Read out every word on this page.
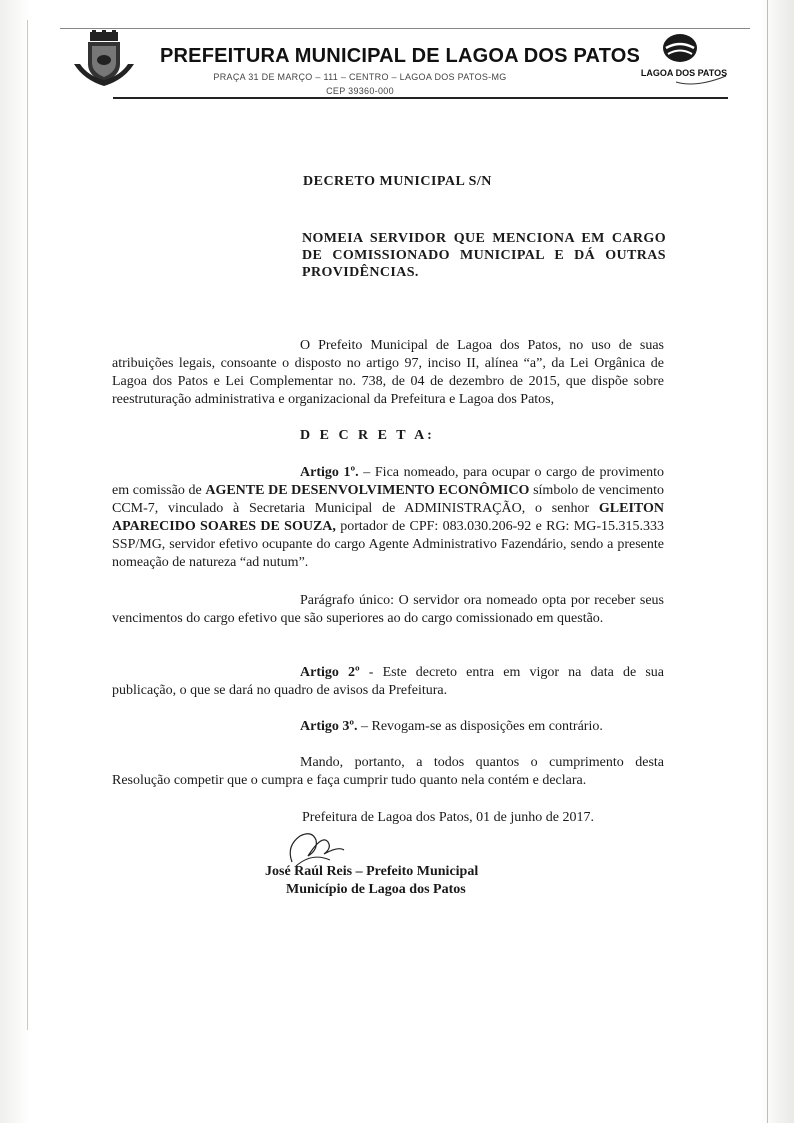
PREFEITURA MUNICIPAL DE LAGOA DOS PATOS
PRAÇA 31 DE MARÇO – 111 – CENTRO – LAGOA DOS PATOS-MG
CEP 39360-000
LAGOA DOS PATOS
DECRETO MUNICIPAL S/N
NOMEIA SERVIDOR QUE MENCIONA EM CARGO DE COMISSIONADO MUNICIPAL E DÁ OUTRAS PROVIDÊNCIAS.
O Prefeito Municipal de Lagoa dos Patos, no uso de suas atribuições legais, consoante o disposto no artigo 97, inciso II, alínea “a”, da Lei Orgânica de Lagoa dos Patos e Lei Complementar no. 738, de 04 de dezembro de 2015, que dispõe sobre reestruturação administrativa e organizacional da Prefeitura e Lagoa dos Patos,
D E C R E T A:
Artigo 1º. – Fica nomeado, para ocupar o cargo de provimento em comissão de AGENTE DE DESENVOLVIMENTO ECONÔMICO símbolo de vencimento CCM-7, vinculado à Secretaria Municipal de ADMINISTRAÇÃO, o senhor GLEITON APARECIDO SOARES DE SOUZA, portador de CPF: 083.030.206-92 e RG: MG-15.315.333 SSP/MG, servidor efetivo ocupante do cargo Agente Administrativo Fazendário, sendo a presente nomeação de natureza “ad nutum”.
Parágrafo único: O servidor ora nomeado opta por receber seus vencimentos do cargo efetivo que são superiores ao do cargo comissionado em questão.
Artigo 2º - Este decreto entra em vigor na data de sua publicação, o que se dará no quadro de avisos da Prefeitura.
Artigo 3º. – Revogam-se as disposições em contrário.
Mando, portanto, a todos quantos o cumprimento desta Resolução competir que o cumpra e faça cumprir tudo quanto nela contém e declara.
Prefeitura de Lagoa dos Patos, 01 de junho de 2017.
José Raúl Reis – Prefeito Municipal
Município de Lagoa dos Patos
